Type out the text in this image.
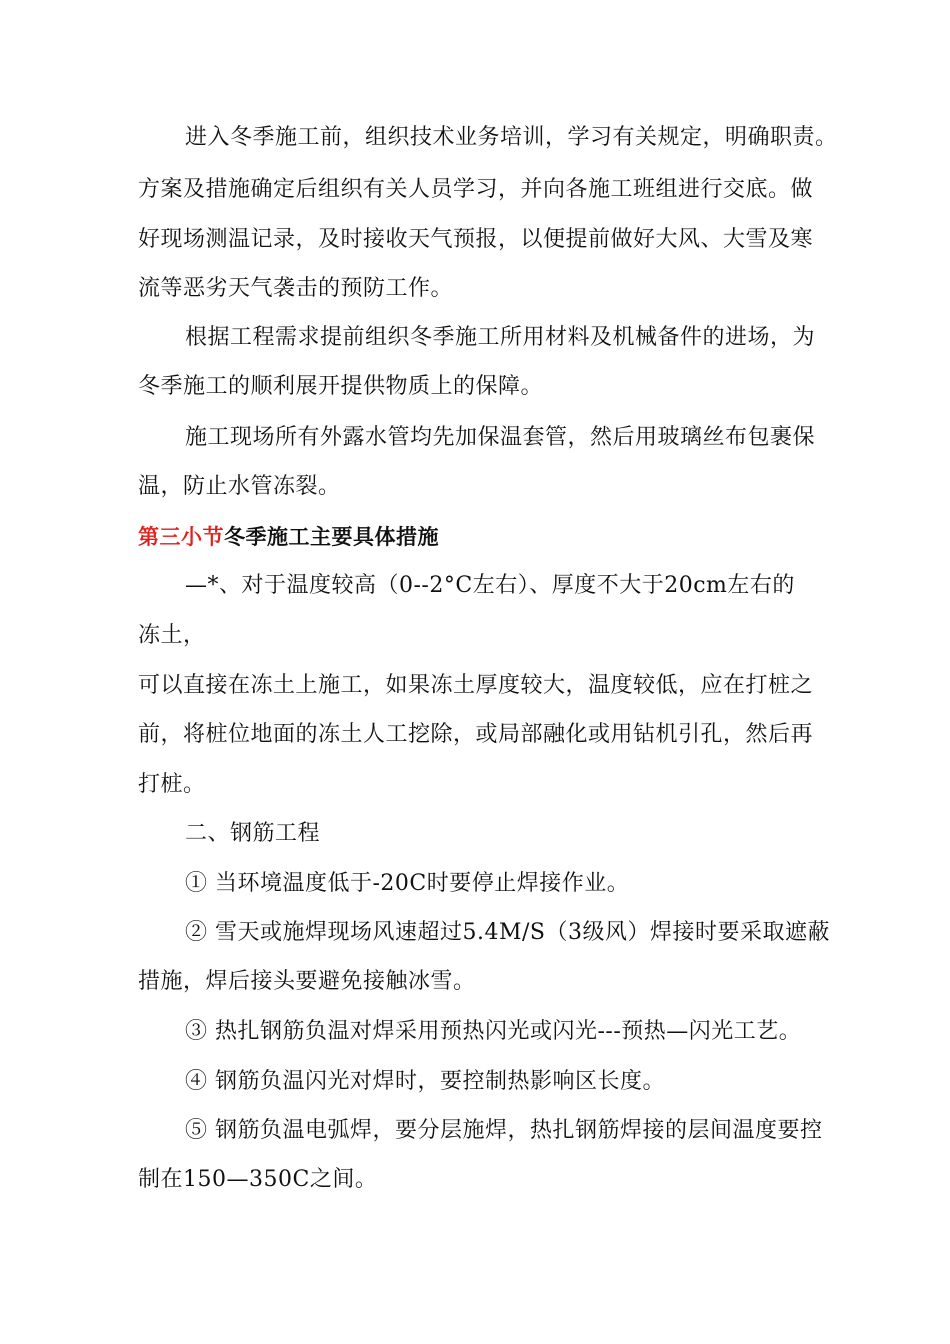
进入冬季施工前，组织技术业务培训，学习有关规定，明确职责。
方案及措施确定后组织有关人员学习，并向各施工班组进行交底。做
好现场测温记录，及时接收天气预报，以便提前做好大风、大雪及寒
流等恶劣天气袭击的预防工作。
根据工程需求提前组织冬季施工所用材料及机械备件的进场，为
冬季施工的顺利展开提供物质上的保障。
施工现场所有外露水管均先加保温套管，然后用玻璃丝布包裹保
温，防止水管冻裂。
第三小节冬季施工主要具体措施
—*、对于温度较高（0--2°C左右）、厚度不大于20cm左右的
冻土，
可以直接在冻土上施工，如果冻土厚度较大，温度较低，应在打桩之
前，将桩位地面的冻土人工挖除，或局部融化或用钻机引孔，然后再
打桩。
二、钢筋工程
① 当环境温度低于-20C时要停止焊接作业。
② 雪天或施焊现场风速超过5.4M/S（3级风）焊接时要采取遮蔽
措施，焊后接头要避免接触冰雪。
③ 热扎钢筋负温对焊采用预热闪光或闪光---预热—闪光工艺。
④ 钢筋负温闪光对焊时，要控制热影响区长度。
⑤ 钢筋负温电弧焊，要分层施焊，热扎钢筋焊接的层间温度要控
制在150—350C之间。
